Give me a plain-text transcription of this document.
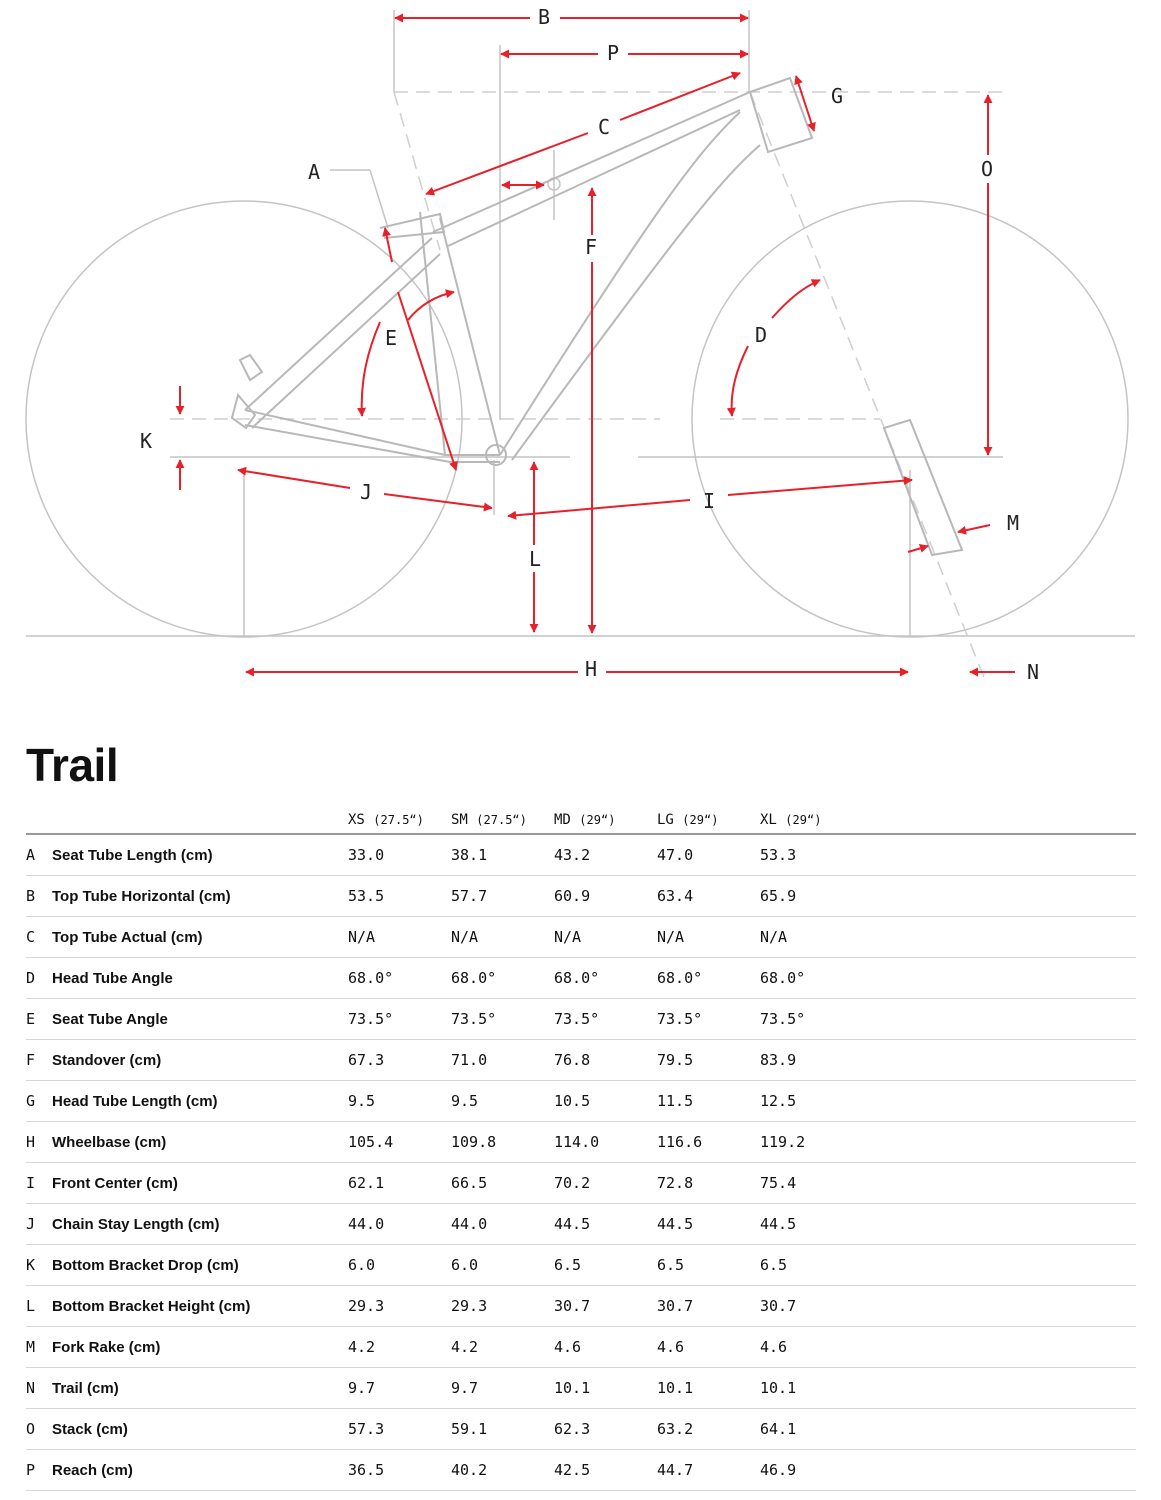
A
B
C
D
E
F
G
H
I
J
K
L
M
N
O
P
Trail
		XS (27.5“)	SM (27.5“)	MD (29“)	LG (29“)	XL (29“)	
A	Seat Tube Length (cm)	33.0	38.1	43.2	47.0	53.3	
B	Top Tube Horizontal (cm)	53.5	57.7	60.9	63.4	65.9	
C	Top Tube Actual (cm)	N/A	N/A	N/A	N/A	N/A	
D	Head Tube Angle	68.0°	68.0°	68.0°	68.0°	68.0°	
E	Seat Tube Angle	73.5°	73.5°	73.5°	73.5°	73.5°	
F	Standover (cm)	67.3	71.0	76.8	79.5	83.9	
G	Head Tube Length (cm)	9.5	9.5	10.5	11.5	12.5	
H	Wheelbase (cm)	105.4	109.8	114.0	116.6	119.2	
I	Front Center (cm)	62.1	66.5	70.2	72.8	75.4	
J	Chain Stay Length (cm)	44.0	44.0	44.5	44.5	44.5	
K	Bottom Bracket Drop (cm)	6.0	6.0	6.5	6.5	6.5	
L	Bottom Bracket Height (cm)	29.3	29.3	30.7	30.7	30.7	
M	Fork Rake (cm)	4.2	4.2	4.6	4.6	4.6	
N	Trail (cm)	9.7	9.7	10.1	10.1	10.1	
O	Stack (cm)	57.3	59.1	62.3	63.2	64.1	
P	Reach (cm)	36.5	40.2	42.5	44.7	46.9	
